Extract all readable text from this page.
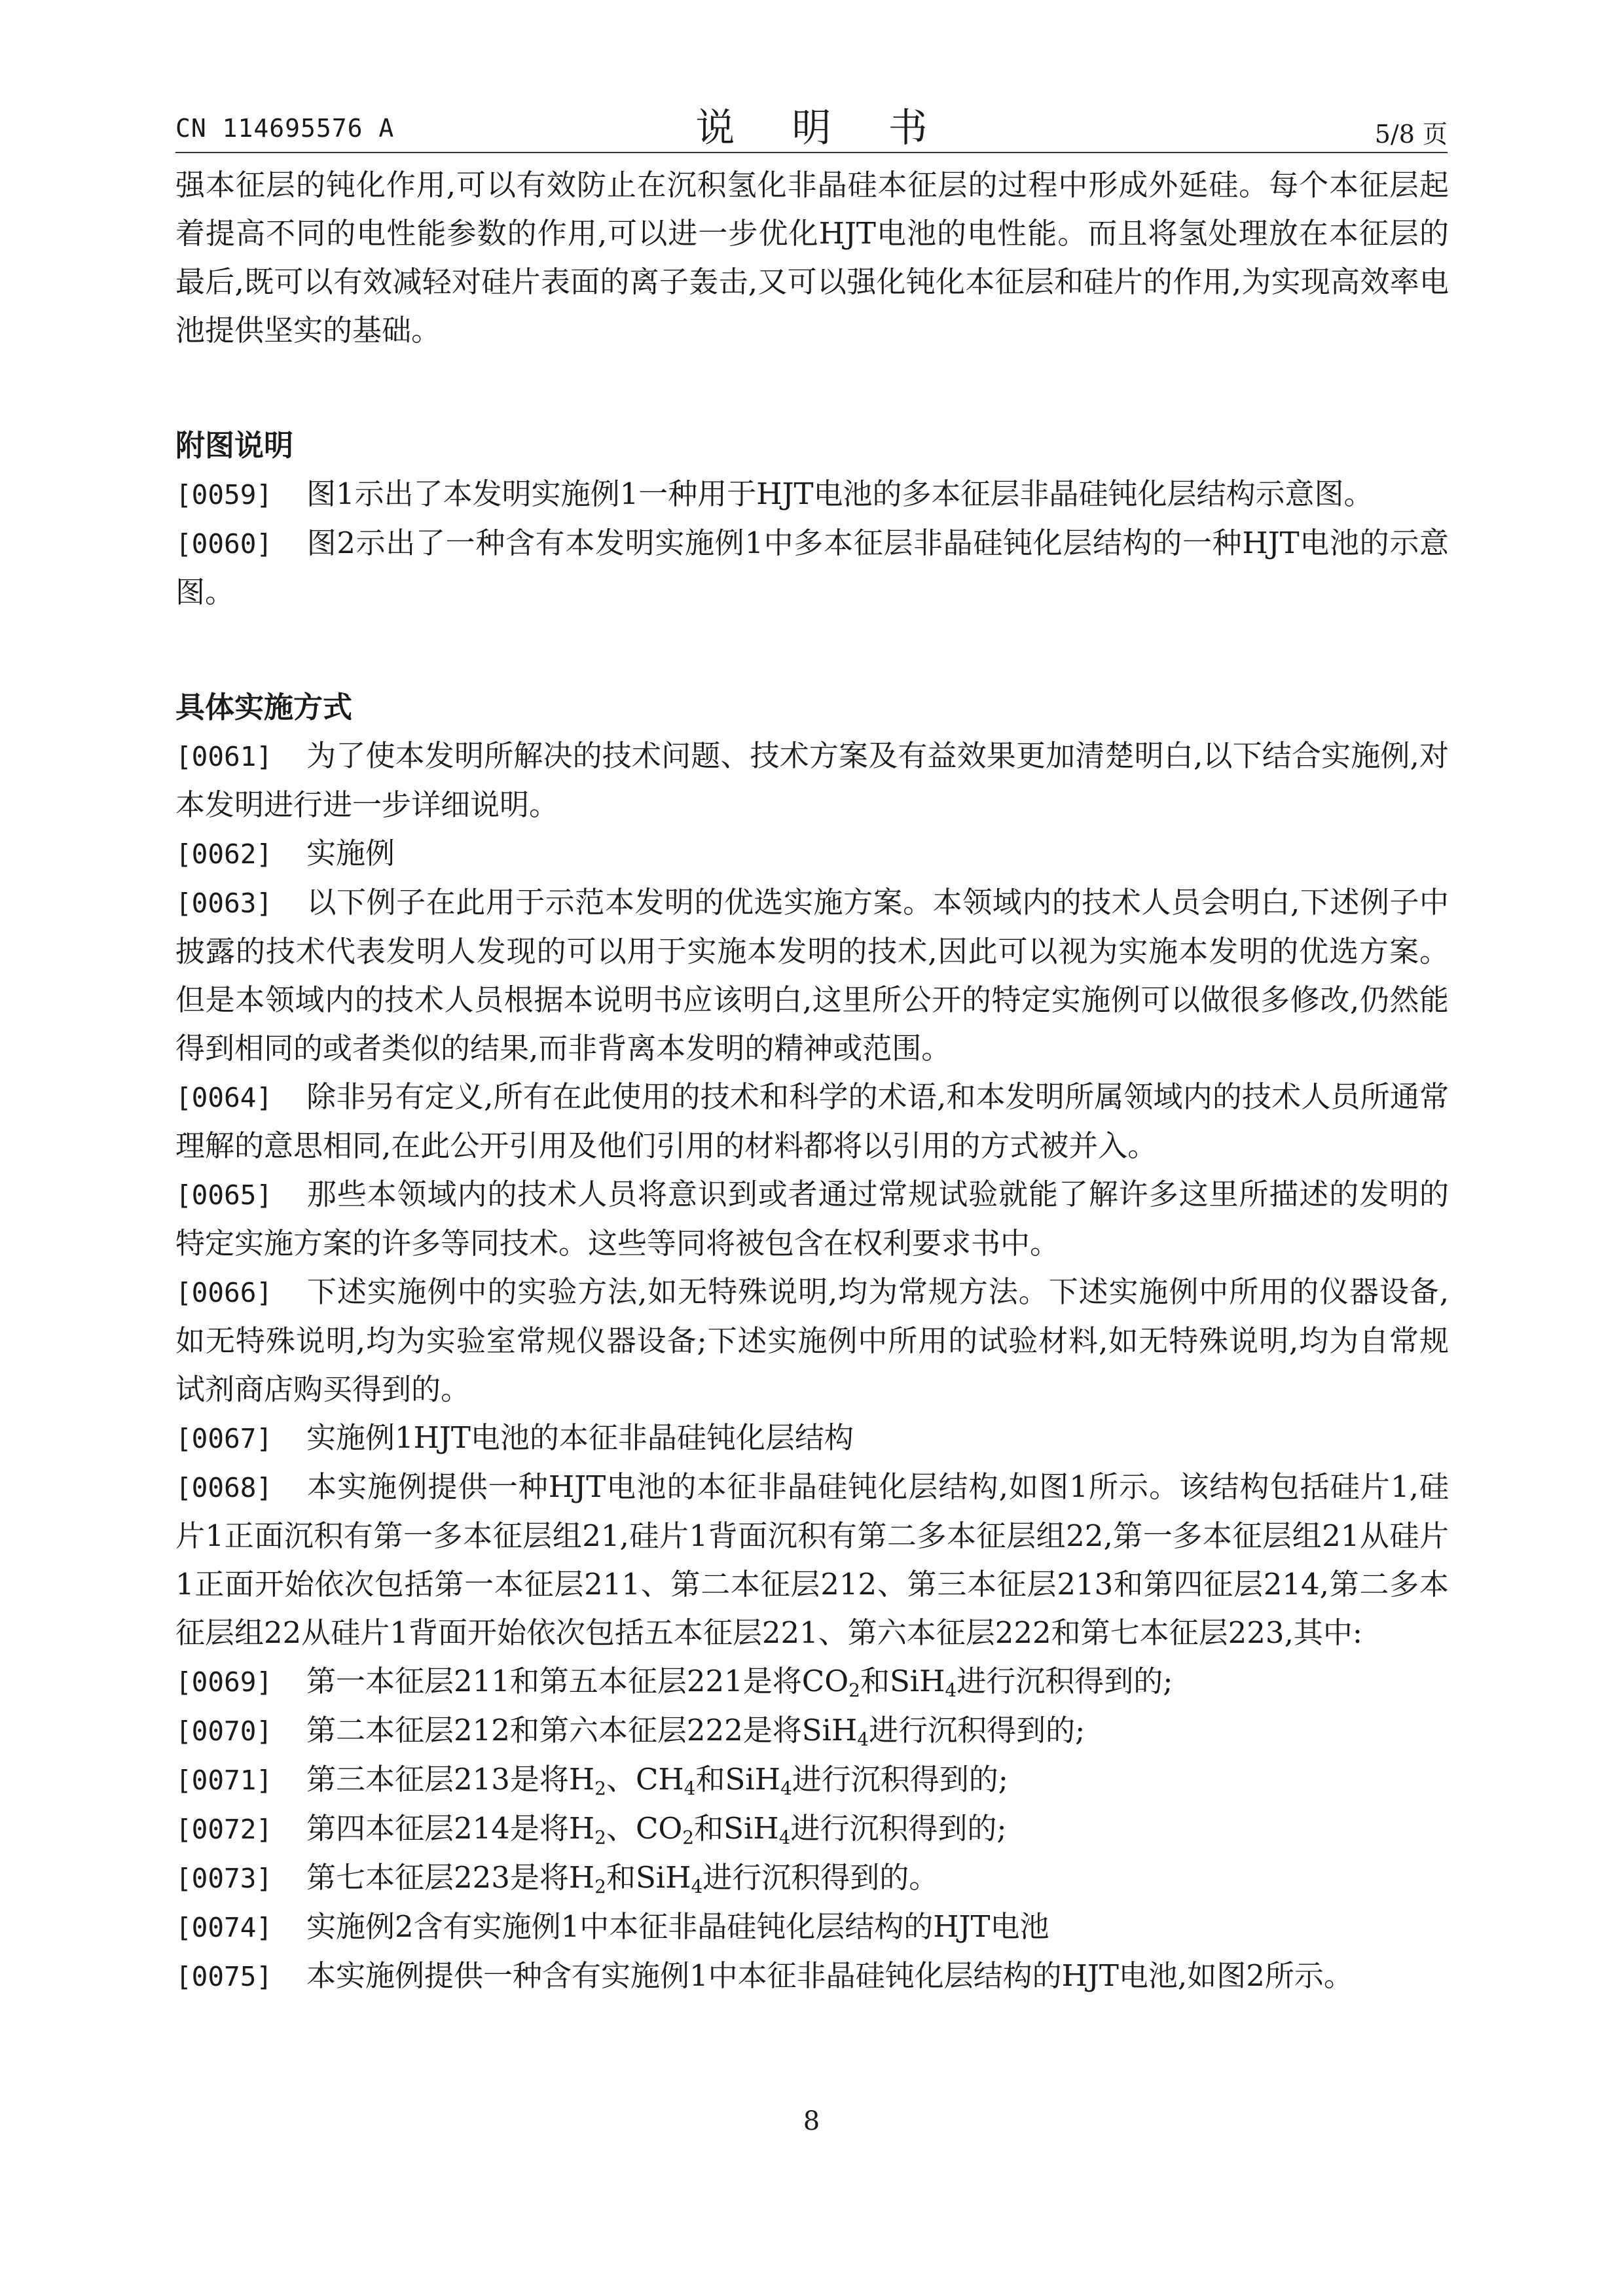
CN 114695576 A	说 明 书	5/8 页

强本征层的钝化作用,可以有效防止在沉积氢化非晶硅本征层的过程中形成外延硅。每个本征层起着提高不同的电性能参数的作用,可以进一步优化HJT电池的电性能。而且将氢处理放在本征层的最后,既可以有效减轻对硅片表面的离子轰击,又可以强化钝化本征层和硅片的作用,为实现高效率电池提供坚实的基础。

附图说明

[0059] 图1示出了本发明实施例1一种用于HJT电池的多本征层非晶硅钝化层结构示意图。

[0060] 图2示出了一种含有本发明实施例1中多本征层非晶硅钝化层结构的一种HJT电池的示意图。

具体实施方式

[0061] 为了使本发明所解决的技术问题、技术方案及有益效果更加清楚明白,以下结合实施例,对本发明进行进一步详细说明。

[0062] 实施例

[0063] 以下例子在此用于示范本发明的优选实施方案。本领域内的技术人员会明白,下述例子中披露的技术代表发明人发现的可以用于实施本发明的技术,因此可以视为实施本发明的优选方案。但是本领域内的技术人员根据本说明书应该明白,这里所公开的特定实施例可以做很多修改,仍然能得到相同的或者类似的结果,而非背离本发明的精神或范围。

[0064] 除非另有定义,所有在此使用的技术和科学的术语,和本发明所属领域内的技术人员所通常理解的意思相同,在此公开引用及他们引用的材料都将以引用的方式被并入。

[0065] 那些本领域内的技术人员将意识到或者通过常规试验就能了解许多这里所描述的发明的特定实施方案的许多等同技术。这些等同将被包含在权利要求书中。

[0066] 下述实施例中的实验方法,如无特殊说明,均为常规方法。下述实施例中所用的仪器设备,如无特殊说明,均为实验室常规仪器设备;下述实施例中所用的试验材料,如无特殊说明,均为自常规试剂商店购买得到的。

[0067] 实施例1HJT电池的本征非晶硅钝化层结构

[0068] 本实施例提供一种HJT电池的本征非晶硅钝化层结构,如图1所示。该结构包括硅片1,硅片1正面沉积有第一多本征层组21,硅片1背面沉积有第二多本征层组22,第一多本征层组21从硅片1正面开始依次包括第一本征层211、第二本征层212、第三本征层213和第四征层214,第二多本征层组22从硅片1背面开始依次包括五本征层221、第六本征层222和第七本征层223,其中:

[0069] 第一本征层211和第五本征层221是将$CO_2$和SiH$_4$进行沉积得到的;

[0070] 第二本征层212和第六本征层222是将SiH$_4$进行沉积得到的;

[0071] 第三本征层213是将$H_2$、$CH_4$和SiH$_4$进行沉积得到的;

[0072] 第四本征层214是将$H_2$、$CO_2$和SiH$_4$进行沉积得到的;

[0073] 第七本征层223是将$H_2$和SiH$_4$进行沉积得到的。

[0074] 实施例2含有实施例1中本征非晶硅钝化层结构的HJT电池

[0075] 本实施例提供一种含有实施例1中本征非晶硅钝化层结构的HJT电池,如图2所示。

8
